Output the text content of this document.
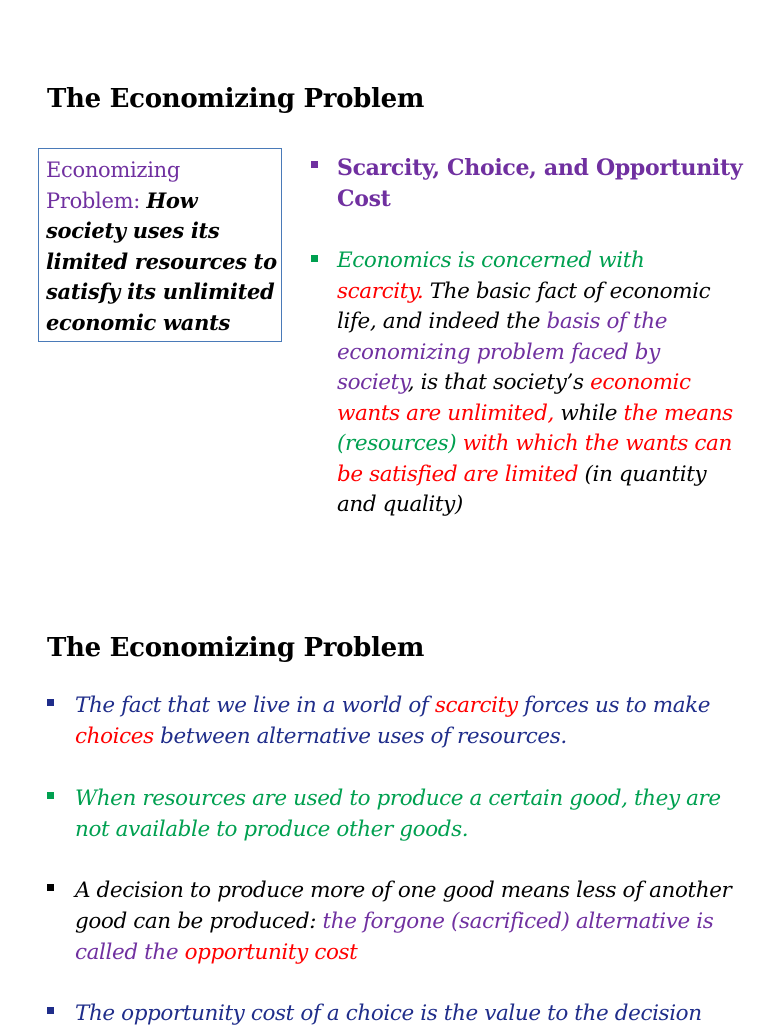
The Economizing Problem
Economizing Problem: How society uses its limited resources to satisfy its unlimited economic wants
Scarcity, Choice, and Opportunity Cost
Economics is concerned with scarcity. The basic fact of economic life, and indeed the basis of the economizing problem faced by society, is that society’s economic wants are unlimited, while the means (resources) with which the wants can be satisfied are limited (in quantity and quality)
The Economizing Problem
The fact that we live in a world of scarcity forces us to make choices between alternative uses of resources.
When resources are used to produce a certain good, they are not available to produce other goods.
A decision to produce more of one good means less of another good can be produced: the forgone (sacrificed) alternative is called the opportunity cost
The opportunity cost of a choice is the value to the decision
